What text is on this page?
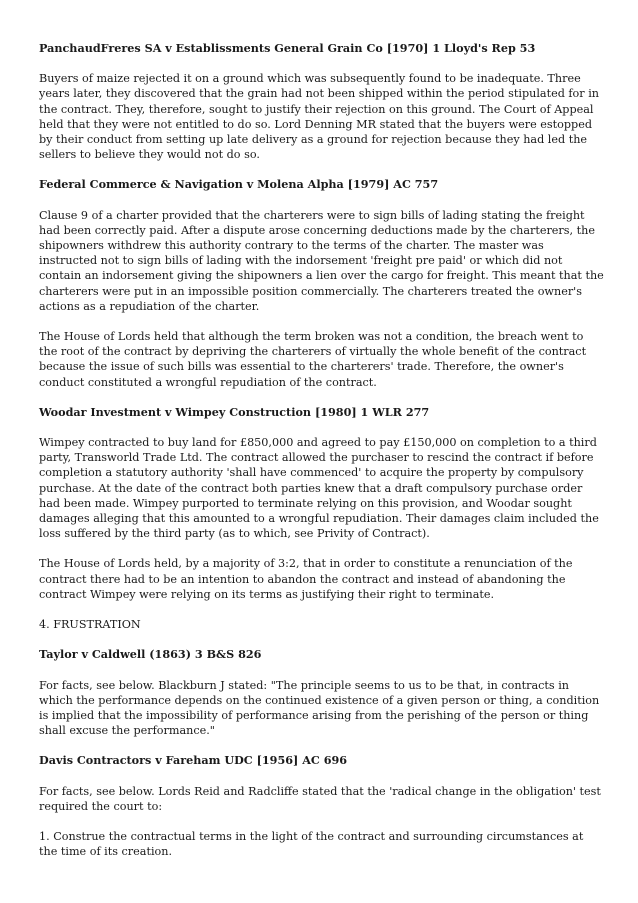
PanchaudFreres SA v Establissments General Grain Co [1970] 1 Lloyd's Rep 53
Buyers of maize rejected it on a ground which was subsequently found to be inadequate. Three years later, they discovered that the grain had not been shipped within the period stipulated for in the contract. They, therefore, sought to justify their rejection on this ground. The Court of Appeal held that they were not entitled to do so. Lord Denning MR stated that the buyers were estopped by their conduct from setting up late delivery as a ground for rejection because they had led the sellers to believe they would not do so.
Federal Commerce & Navigation v Molena Alpha [1979] AC 757
Clause 9 of a charter provided that the charterers were to sign bills of lading stating the freight had been correctly paid. After a dispute arose concerning deductions made by the charterers, the shipowners withdrew this authority contrary to the terms of the charter. The master was instructed not to sign bills of lading with the indorsement 'freight pre paid' or which did not contain an indorsement giving the shipowners a lien over the cargo for freight. This meant that the charterers were put in an impossible position commercially. The charterers treated the owner's actions as a repudiation of the charter.
The House of Lords held that although the term broken was not a condition, the breach went to the root of the contract by depriving the charterers of virtually the whole benefit of the contract because the issue of such bills was essential to the charterers' trade. Therefore, the owner's conduct constituted a wrongful repudiation of the contract.
Woodar Investment v Wimpey Construction [1980] 1 WLR 277
Wimpey contracted to buy land for £850,000 and agreed to pay £150,000 on completion to a third party, Transworld Trade Ltd. The contract allowed the purchaser to rescind the contract if before completion a statutory authority 'shall have commenced' to acquire the property by compulsory purchase. At the date of the contract both parties knew that a draft compulsory purchase order had been made. Wimpey purported to terminate relying on this provision, and Woodar sought damages alleging that this amounted to a wrongful repudiation. Their damages claim included the loss suffered by the third party (as to which, see Privity of Contract).
The House of Lords held, by a majority of 3:2, that in order to constitute a renunciation of the contract there had to be an intention to abandon the contract and instead of abandoning the contract Wimpey were relying on its terms as justifying their right to terminate.
4. FRUSTRATION
Taylor v Caldwell (1863) 3 B&S 826
For facts, see below. Blackburn J stated: "The principle seems to us to be that, in contracts in which the performance depends on the continued existence of a given person or thing, a condition is implied that the impossibility of performance arising from the perishing of the person or thing shall excuse the performance."
Davis Contractors v Fareham UDC [1956] AC 696
For facts, see below. Lords Reid and Radcliffe stated that the 'radical change in the obligation' test required the court to:
1. Construe the contractual terms in the light of the contract and surrounding circumstances at the time of its creation.
